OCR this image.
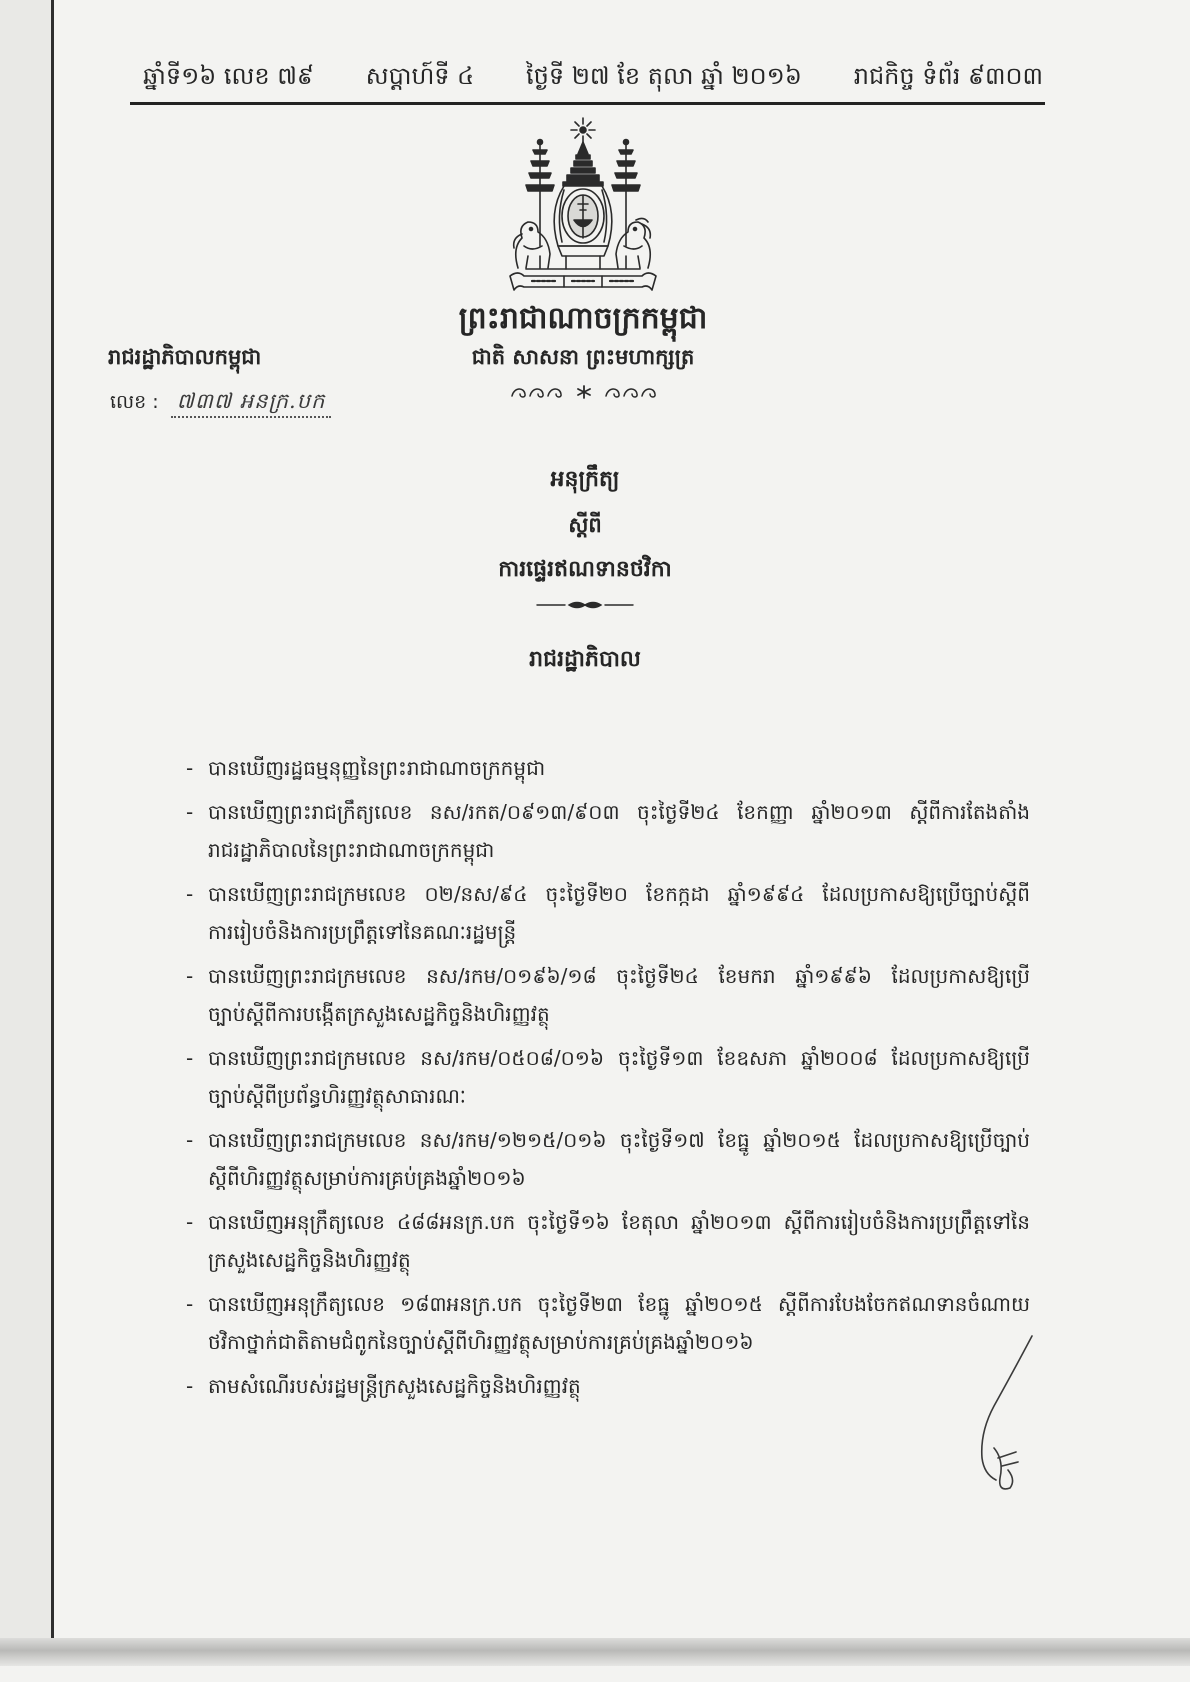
ឆ្នាំទី១៦ លេខ ៧៩ សប្តាហ៍ទី ៤ ថ្ងៃទី ២៧ ខែ តុលា ឆ្នាំ ២០១៦ រាជកិច្ច ទំព័រ ៩៣០៣
ព្រះរាជាណាចក្រកម្ពុជា
ជាតិ សាសនា ព្រះមហាក្សត្រ
រាជរដ្ឋាភិបាលកម្ពុជា
លេខ : ៧៣៧ អនក្រ.បក
អនុក្រឹត្យ
ស្តីពី
ការផ្ទេរឥណទានថវិកា
រាជរដ្ឋាភិបាល
- បានឃើញរដ្ឋធម្មនុញ្ញនៃព្រះរាជាណាចក្រកម្ពុជា
- បានឃើញព្រះរាជក្រឹត្យលេខ នស/រកត/០៩១៣/៩០៣ ចុះថ្ងៃទី២៤ ខែកញ្ញា ឆ្នាំ២០១៣ ស្តីពីការតែងតាំង
រាជរដ្ឋាភិបាលនៃព្រះរាជាណាចក្រកម្ពុជា
- បានឃើញព្រះរាជក្រមលេខ ០២/នស/៩៤ ចុះថ្ងៃទី២០ ខែកក្កដា ឆ្នាំ១៩៩៤ ដែលប្រកាសឱ្យប្រើច្បាប់ស្តីពី
ការរៀបចំនិងការប្រព្រឹត្តទៅនៃគណៈរដ្ឋមន្ត្រី
- បានឃើញព្រះរាជក្រមលេខ នស/រកម/០១៩៦/១៨ ចុះថ្ងៃទី២៤ ខែមករា ឆ្នាំ១៩៩៦ ដែលប្រកាសឱ្យប្រើ
ច្បាប់ស្តីពីការបង្កើតក្រសួងសេដ្ឋកិច្ចនិងហិរញ្ញវត្ថុ
- បានឃើញព្រះរាជក្រមលេខ នស/រកម/០៥០៨/០១៦ ចុះថ្ងៃទី១៣ ខែឧសភា ឆ្នាំ២០០៨ ដែលប្រកាសឱ្យប្រើ
ច្បាប់ស្តីពីប្រព័ន្ធហិរញ្ញវត្ថុសាធារណៈ
- បានឃើញព្រះរាជក្រមលេខ នស/រកម/១២១៥/០១៦ ចុះថ្ងៃទី១៧ ខែធ្នូ ឆ្នាំ២០១៥ ដែលប្រកាសឱ្យប្រើច្បាប់
ស្តីពីហិរញ្ញវត្ថុសម្រាប់ការគ្រប់គ្រងឆ្នាំ២០១៦
- បានឃើញអនុក្រឹត្យលេខ ៤៨៨អនក្រ.បក ចុះថ្ងៃទី១៦ ខែតុលា ឆ្នាំ២០១៣ ស្តីពីការរៀបចំនិងការប្រព្រឹត្តទៅនៃ
ក្រសួងសេដ្ឋកិច្ចនិងហិរញ្ញវត្ថុ
- បានឃើញអនុក្រឹត្យលេខ ១៨៣អនក្រ.បក ចុះថ្ងៃទី២៣ ខែធ្នូ ឆ្នាំ២០១៥ ស្តីពីការបែងចែកឥណទានចំណាយ
ថវិកាថ្នាក់ជាតិតាមជំពូកនៃច្បាប់ស្តីពីហិរញ្ញវត្ថុសម្រាប់ការគ្រប់គ្រងឆ្នាំ២០១៦
- តាមសំណើរបស់រដ្ឋមន្ត្រីក្រសួងសេដ្ឋកិច្ចនិងហិរញ្ញវត្ថុ
